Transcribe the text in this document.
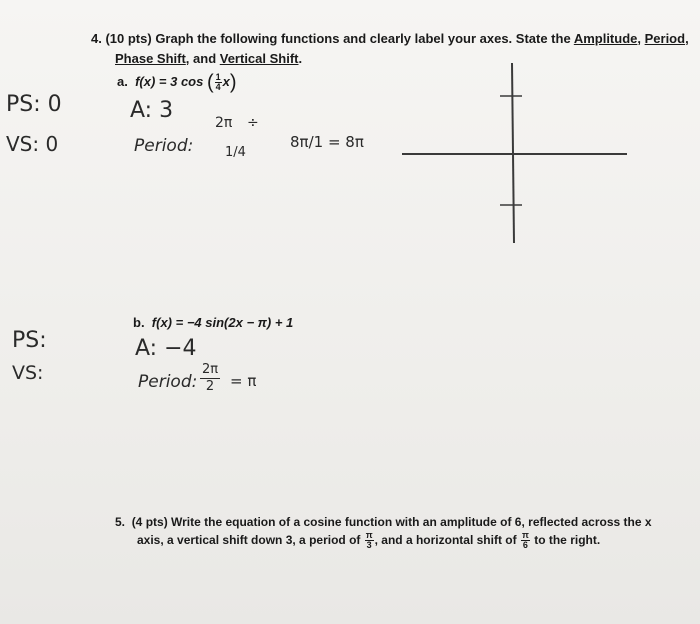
4. (10 pts) Graph the following functions and clearly label your axes. State the Amplitude, Period,
Phase Shift, and Vertical Shift.
a. f(x) = 3 cos ( $\frac{1}{4} x$)
A: 3
Period:
2π ÷
1/4
8π/1 = 8π
PS: 0
VS: 0
b. f(x) = −4 sin(2x − π) + 1
A: −4
Period: $\frac{2\pi}{2} = \pi$
PS:
VS:
5. (4 pts) Write the equation of a cosine function with an amplitude of 6, reflected across the x
axis, a vertical shift down 3, a period of $\frac{\pi}{3}$ , and a horizontal shift of $\frac{\pi}{6}$ to the right.
